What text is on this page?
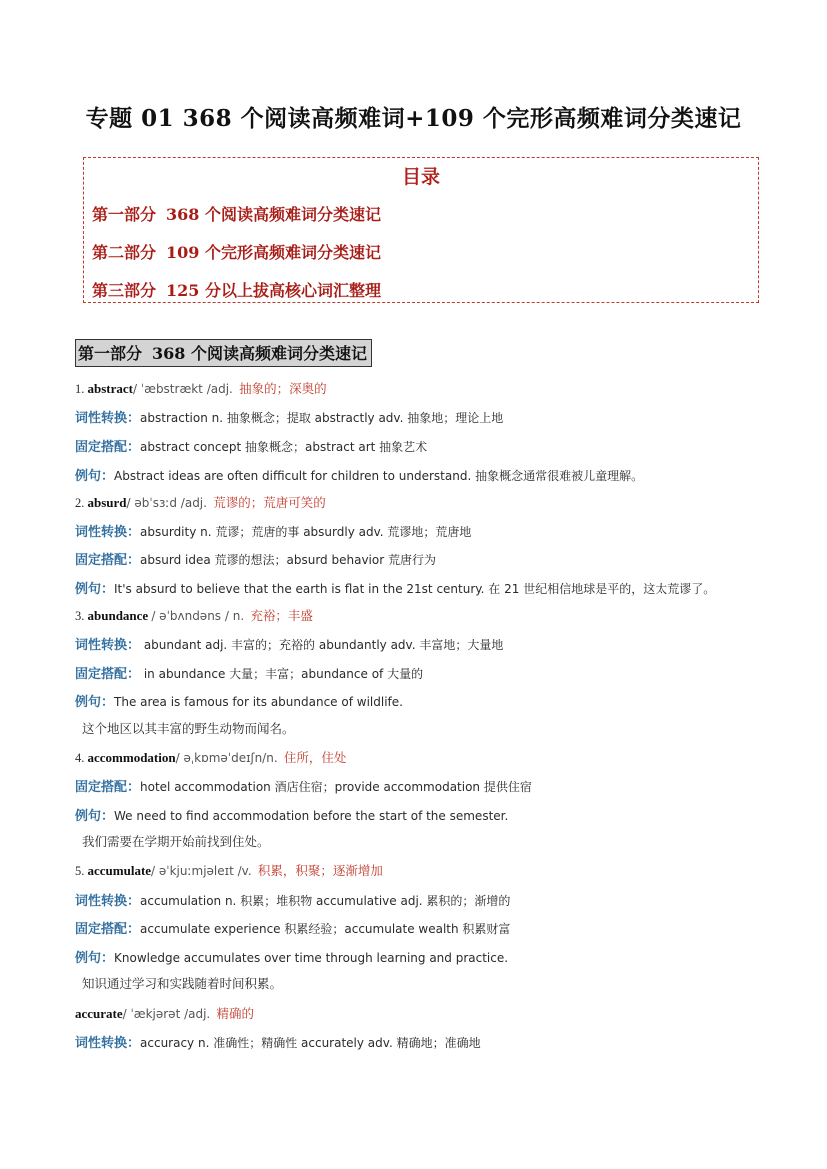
专题 01 368 个阅读高频难词+109 个完形高频难词分类速记
目录
第一部分 368 个阅读高频难词分类速记
第二部分 109 个完形高频难词分类速记
第三部分 125 分以上拔高核心词汇整理
第一部分 368 个阅读高频难词分类速记
1. abstract/ ˈæbstrækt /adj. 抽象的；深奥的
词性转换：abstraction n. 抽象概念；提取 abstractly adv. 抽象地；理论上地
固定搭配：abstract concept 抽象概念；abstract art 抽象艺术
例句：Abstract ideas are often difficult for children to understand. 抽象概念通常很难被儿童理解。
2. absurd/ əbˈsɜːd /adj. 荒谬的；荒唐可笑的
词性转换：absurdity n. 荒谬；荒唐的事 absurdly adv. 荒谬地；荒唐地
固定搭配：absurd idea 荒谬的想法；absurd behavior 荒唐行为
例句：It's absurd to believe that the earth is flat in the 21st century. 在 21 世纪相信地球是平的，这太荒谬了。
3. abundance / əˈbʌndəns / n. 充裕；丰盛
词性转换： abundant adj. 丰富的；充裕的 abundantly adv. 丰富地；大量地
固定搭配： in abundance 大量；丰富；abundance of 大量的
例句：The area is famous for its abundance of wildlife.
这个地区以其丰富的野生动物而闻名。
4. accommodation/ əˌkɒməˈdeɪʃn/n. 住所，住处
固定搭配：hotel accommodation 酒店住宿；provide accommodation 提供住宿
例句：We need to find accommodation before the start of the semester.
我们需要在学期开始前找到住处。
5. accumulate/ əˈkjuːmjəleɪt /v. 积累，积聚；逐渐增加
词性转换：accumulation n. 积累；堆积物 accumulative adj. 累积的；渐增的
固定搭配：accumulate experience 积累经验；accumulate wealth 积累财富
例句：Knowledge accumulates over time through learning and practice.
知识通过学习和实践随着时间积累。
accurate/ ˈækjərət /adj. 精确的
词性转换：accuracy n. 准确性；精确性 accurately adv. 精确地；准确地
